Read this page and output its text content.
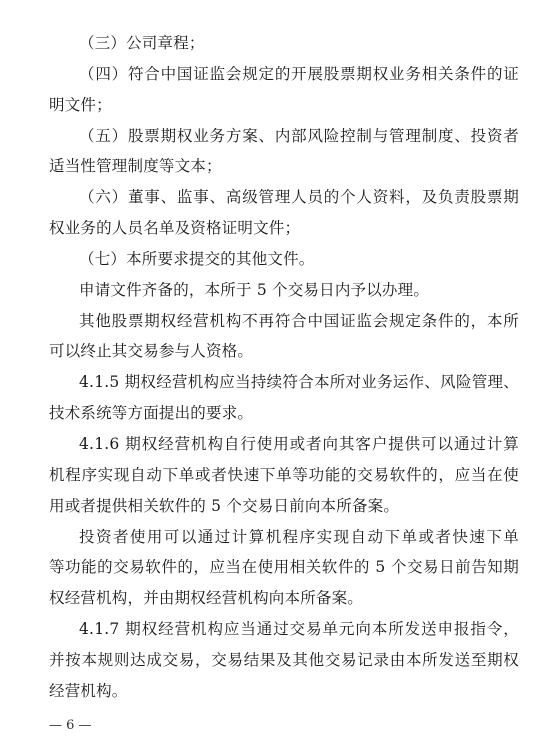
（三）公司章程；
（四）符合中国证监会规定的开展股票期权业务相关条件的证
明文件；
（五）股票期权业务方案、内部风险控制与管理制度、投资者
适当性管理制度等文本；
（六）董事、监事、高级管理人员的个人资料，及负责股票期
权业务的人员名单及资格证明文件；
（七）本所要求提交的其他文件。
申请文件齐备的，本所于 5 个交易日内予以办理。
其他股票期权经营机构不再符合中国证监会规定条件的，本所
可以终止其交易参与人资格。
4.1.5 期权经营机构应当持续符合本所对业务运作、风险管理、
技术系统等方面提出的要求。
4.1.6 期权经营机构自行使用或者向其客户提供可以通过计算
机程序实现自动下单或者快速下单等功能的交易软件的，应当在使
用或者提供相关软件的 5 个交易日前向本所备案。
投资者使用可以通过计算机程序实现自动下单或者快速下单
等功能的交易软件的，应当在使用相关软件的 5 个交易日前告知期
权经营机构，并由期权经营机构向本所备案。
4.1.7 期权经营机构应当通过交易单元向本所发送申报指令，
并按本规则达成交易，交易结果及其他交易记录由本所发送至期权
经营机构。
— 6 —
